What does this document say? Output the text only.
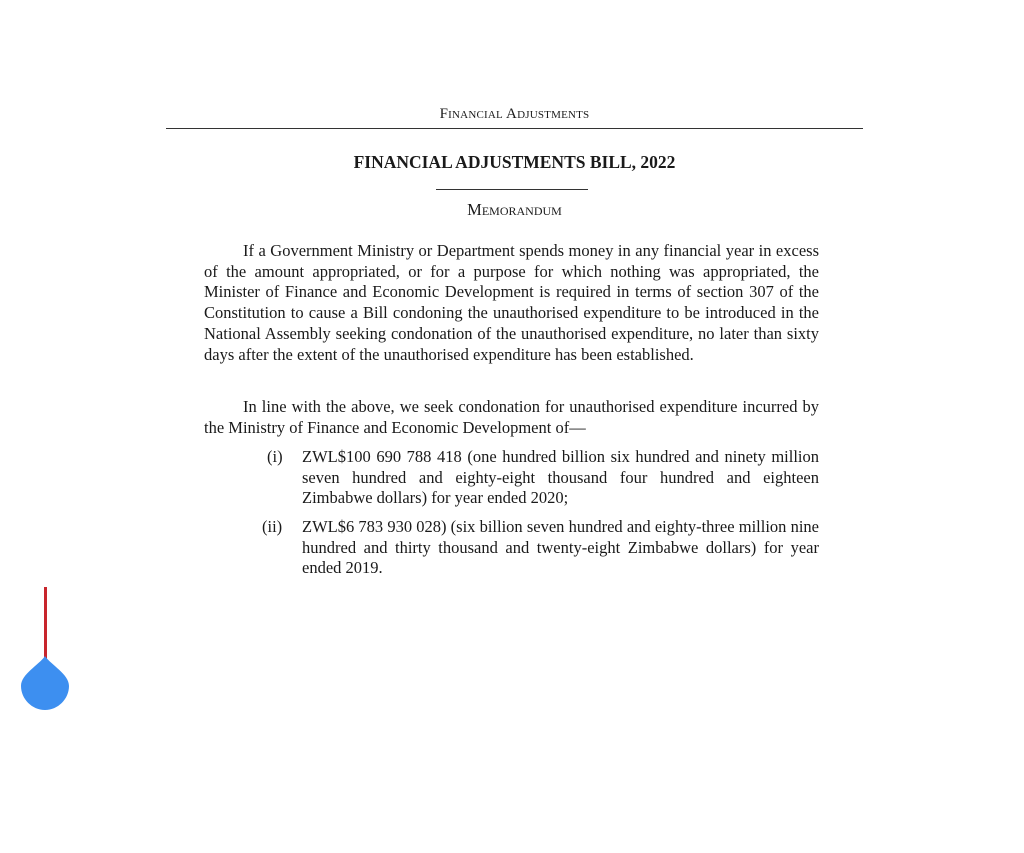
Financial Adjustments
FINANCIAL ADJUSTMENTS BILL, 2022
Memorandum

If a Government Ministry or Department spends money in any financial year in excess of the amount appropriated, or for a purpose for which nothing was appropriated, the Minister of Finance and Economic Development is required in terms of section 307 of the Constitution to cause a Bill condoning the unauthorised expenditure to be introduced in the National Assembly seeking condonation of the unauthorised expenditure, no later than sixty days after the extent of the unauthorised expenditure has been established.

In line with the above, we seek condonation for unauthorised expenditure incurred by the Ministry of Finance and Economic Development of—

(i)	ZWL$100 690 788 418 (one hundred billion six hundred and ninety million seven hundred and eighty-eight thousand four hundred and eighteen Zimbabwe dollars) for year ended 2020;
(ii)	ZWL$6 783 930 028) (six billion seven hundred and eighty-three million nine hundred and thirty thousand and twenty-eight Zimbabwe dollars) for year ended 2019.
